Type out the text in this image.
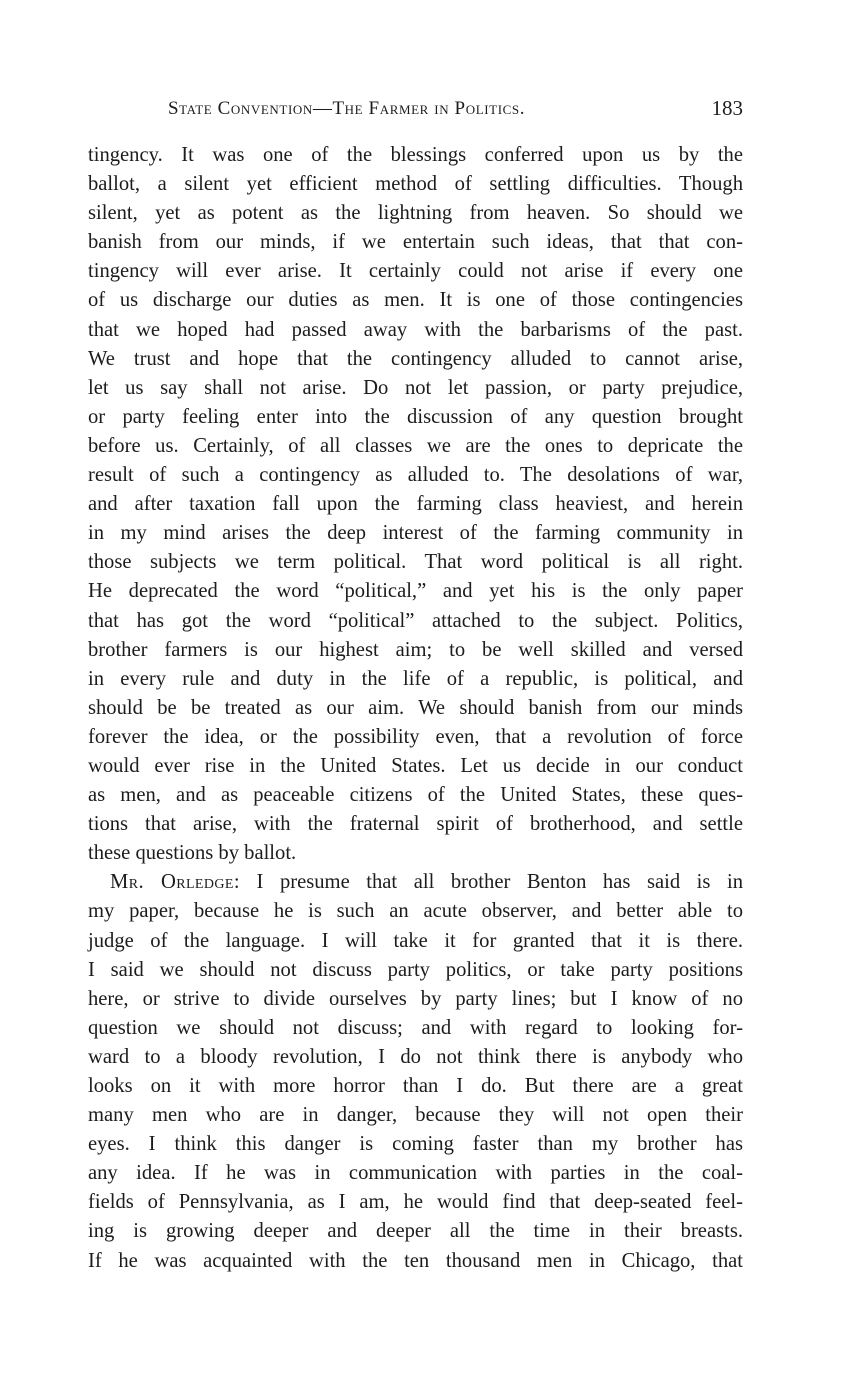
State Convention—The Farmer in Politics.	183
tingency. It was one of the blessings conferred upon us by the
ballot, a silent yet efficient method of settling difficulties. Though
silent, yet as potent as the lightning from heaven. So should we
banish from our minds, if we entertain such ideas, that that con-
tingency will ever arise. It certainly could not arise if every one
of us discharge our duties as men. It is one of those contingencies
that we hoped had passed away with the barbarisms of the past.
We trust and hope that the contingency alluded to cannot arise,
let us say shall not arise. Do not let passion, or party prejudice,
or party feeling enter into the discussion of any question brought
before us. Certainly, of all classes we are the ones to depricate the
result of such a contingency as alluded to. The desolations of war,
and after taxation fall upon the farming class heaviest, and herein
in my mind arises the deep interest of the farming community in
those subjects we term political. That word political is all right.
He deprecated the word “political,” and yet his is the only paper
that has got the word “political” attached to the subject. Politics,
brother farmers is our highest aim; to be well skilled and versed
in every rule and duty in the life of a republic, is political, and
should be be treated as our aim. We should banish from our minds
forever the idea, or the possibility even, that a revolution of force
would ever rise in the United States. Let us decide in our conduct
as men, and as peaceable citizens of the United States, these ques-
tions that arise, with the fraternal spirit of brotherhood, and settle
these questions by ballot.
Mr. Orledge: I presume that all brother Benton has said is in
my paper, because he is such an acute observer, and better able to
judge of the language. I will take it for granted that it is there.
I said we should not discuss party politics, or take party positions
here, or strive to divide ourselves by party lines; but I know of no
question we should not discuss; and with regard to looking for-
ward to a bloody revolution, I do not think there is anybody who
looks on it with more horror than I do. But there are a great
many men who are in danger, because they will not open their
eyes. I think this danger is coming faster than my brother has
any idea. If he was in communication with parties in the coal-
fields of Pennsylvania, as I am, he would find that deep-seated feel-
ing is growing deeper and deeper all the time in their breasts.
If he was acquainted with the ten thousand men in Chicago, that
